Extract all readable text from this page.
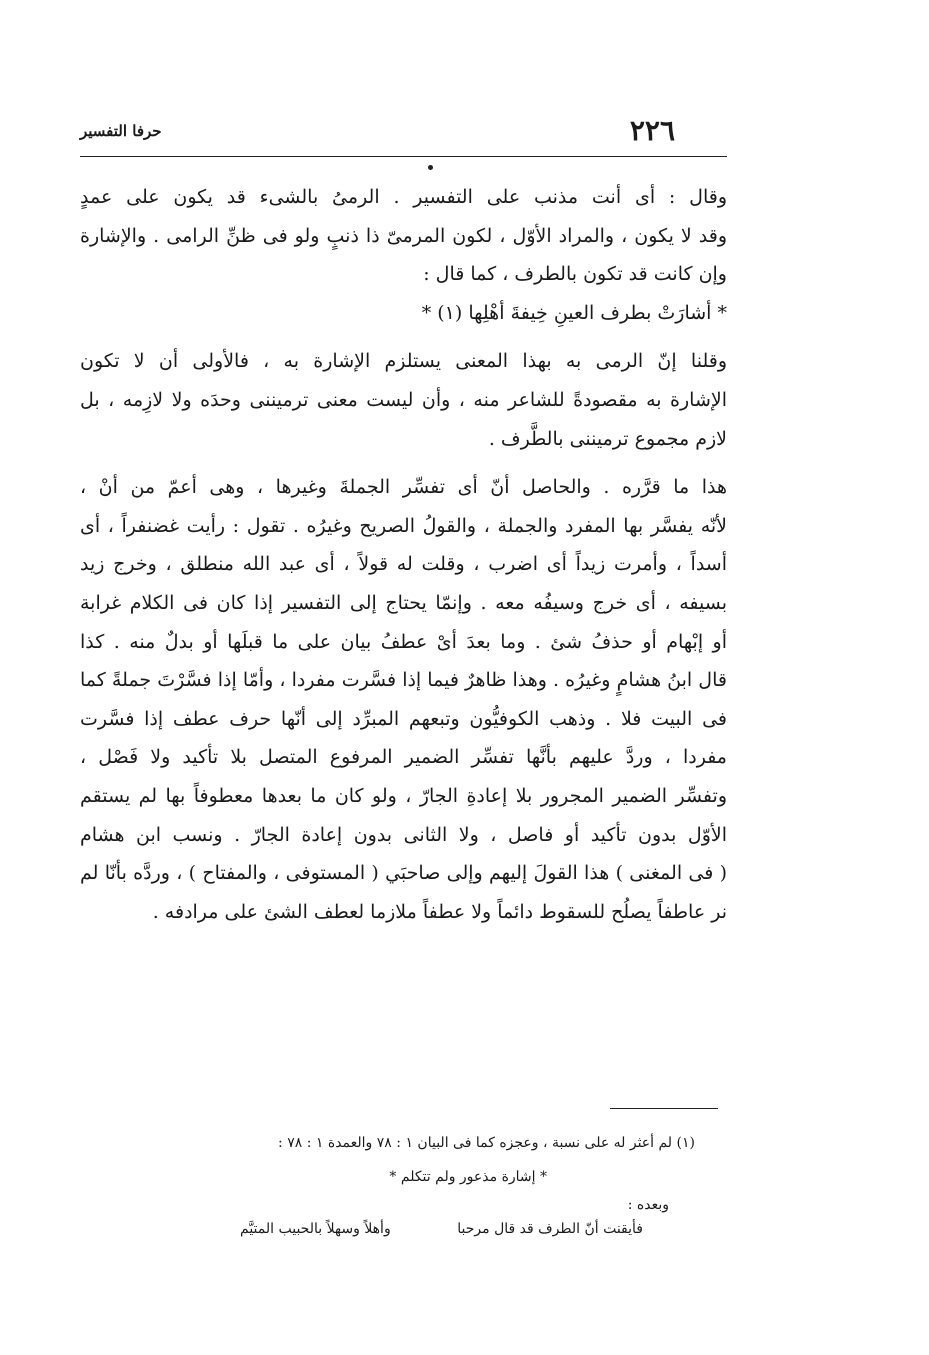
٢٢٦
حرفا التفسير
وقال : أى أنت مذنب على التفسير . الرمىُ بالشىء قد يكون على عمدٍ
وقد لا يكون ، والمراد الأوّل ، لكون المرمىّ ذا ذنبٍ ولو فى ظنِّ الرامى . والإشارة
وإن كانت قد تكون بالطرف ، كما قال :
* أشارَتْ بطرف العينِ خِيفةَ أهْلِها (١) *
وقلنا إنّ الرمى به بهذا المعنى يستلزم الإشارة به ، فالأولى أن لا تكون
الإشارة به مقصودةً للشاعر منه ، وأن ليست معنى ترميننى وحدَه ولا لازِمه ، بل
لازم مجموع ترميننى بالطَّرف .
هذا ما قرَّره . والحاصل أنّ أى تفسِّر الجملةَ وغيرها ، وهى أعمّ من أنْ ،
لأنّه يفسَّر بها المفرد والجملة ، والقولُ الصريح وغيرُه . تقول : رأيت غضنفراً ، أى
أسداً ، وأمرت زيداً أى اضرب ، وقلت له قولاً ، أى عبد الله منطلق ، وخرج زيد
بسيفه ، أى خرج وسيفُه معه . وإنمّا يحتاج إلى التفسير إذا كان فى الكلام غرابة
أو إبْهام أو حذفُ شئ . وما بعدَ أىْ عطفُ بيان على ما قبلَها أو بدلٌ منه . كذا
قال ابنُ هشامٍ وغيرُه . وهذا ظاهرٌ فيما إذا فسَّرت مفردا ، وأمّا إذا فسَّرْتَ جملةً كما
فى البيت فلا . وذهب الكوفيُّون وتبعهم المبرِّد إلى أنّها حرف عطف إذا فسَّرت
مفردا ، وردَّ عليهم بأنَّها تفسِّر الضمير المرفوع المتصل بلا تأكيد ولا فَصْل ،
وتفسِّر الضمير المجرور بلا إعادةِ الجارّ ، ولو كان ما بعدها معطوفاً بها لم يستقم
الأوّل بدون تأكيد أو فاصل ، ولا الثانى بدون إعادة الجارّ . ونسب ابن هشام
( فى المغنى ) هذا القولَ إليهم وإلى صاحبَي ( المستوفى ، والمفتاح ) ، وردَّه بأنّا لم
نر عاطفاً يصلُح للسقوط دائماً ولا عطفاً ملازما لعطف الشئ على مرادفه .
(١) لم أعثر له على نسبة ، وعجزه كما فى البيان ١ : ٧٨ والعمدة ١ : ٧٨ :
* إشارة مذعور ولم تتكلم *
وبعده :
فأيقنت أنّ الطرف قد قال مرحبا
وأهلاً وسهلاً بالحبيب المتيَّم
